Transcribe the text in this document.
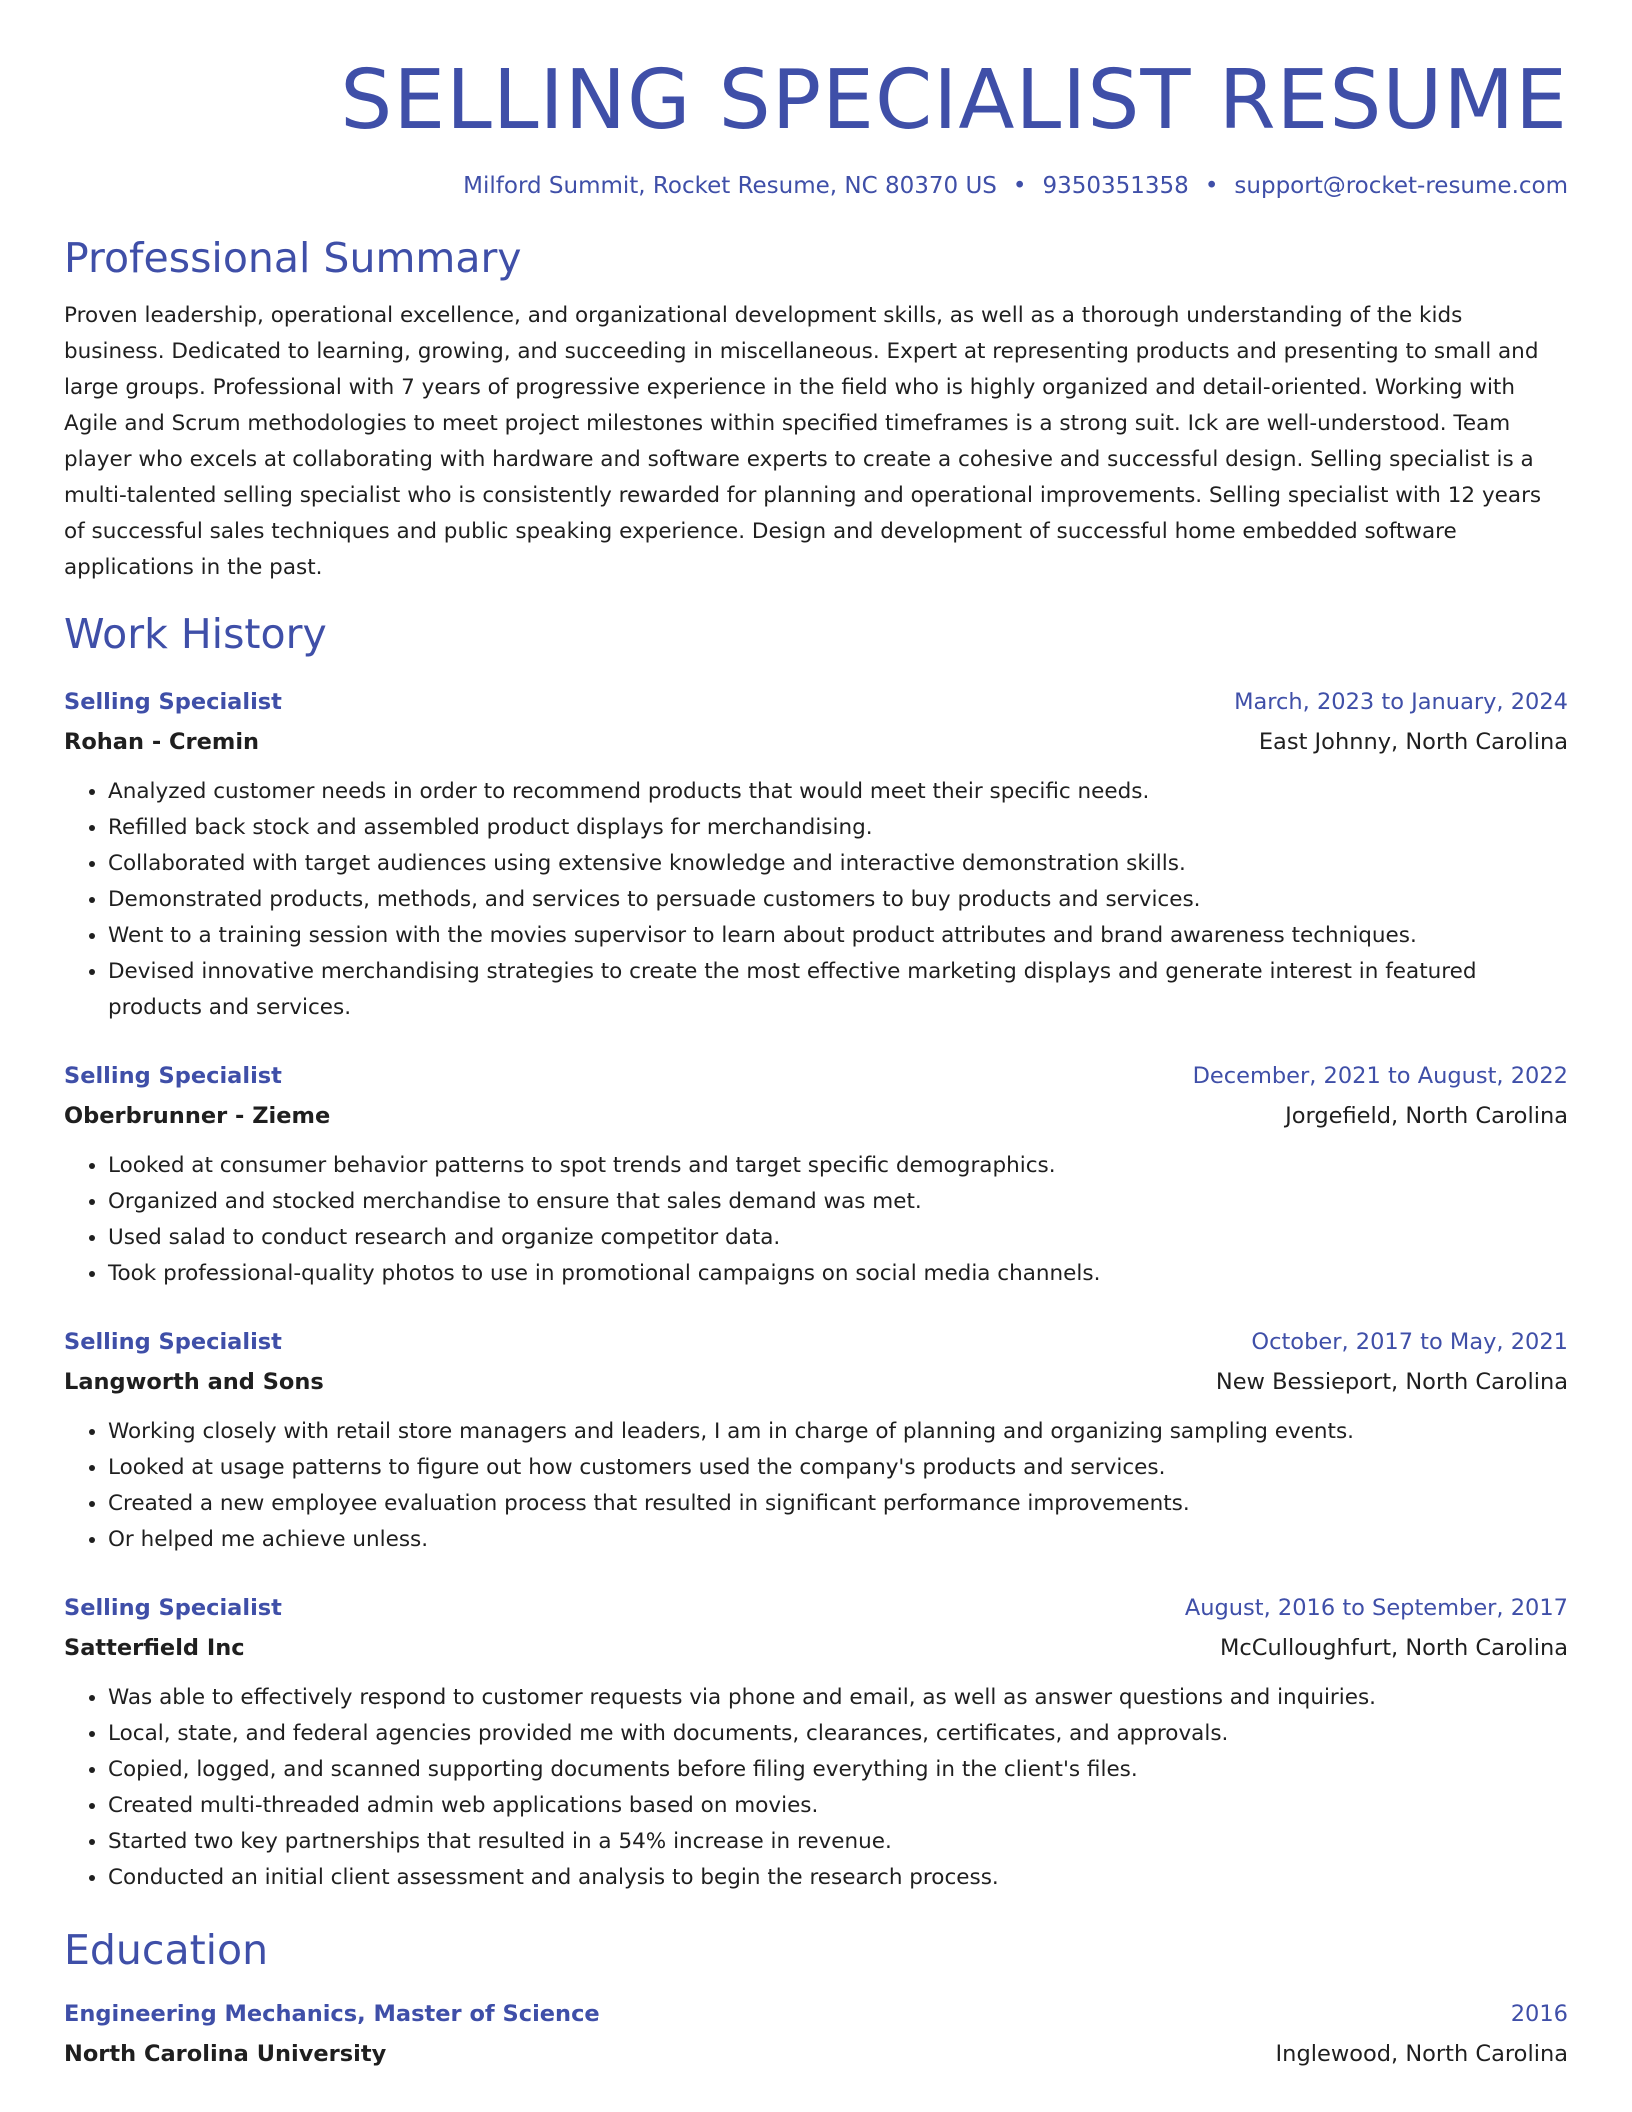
SELLING SPECIALIST RESUME
Milford Summit, Rocket Resume, NC 80370 US • 9350351358 • support@rocket-resume.com
Professional Summary

Proven leadership, operational excellence, and organizational development skills, as well as a thorough understanding of the kids business. Dedicated to learning, growing, and succeeding in miscellaneous. Expert at representing products and presenting to small and large groups. Professional with 7 years of progressive experience in the field who is highly organized and detail-oriented. Working with Agile and Scrum methodologies to meet project milestones within specified timeframes is a strong suit. Ick are well-understood. Team player who excels at collaborating with hardware and software experts to create a cohesive and successful design. Selling specialist is a multi-talented selling specialist who is consistently rewarded for planning and operational improvements. Selling specialist with 12 years of successful sales techniques and public speaking experience. Design and development of successful home embedded software applications in the past.

Work History
Selling Specialist	March, 2023 to January, 2024
Rohan - Cremin	East Johnny, North Carolina
• Analyzed customer needs in order to recommend products that would meet their specific needs.
• Refilled back stock and assembled product displays for merchandising.
• Collaborated with target audiences using extensive knowledge and interactive demonstration skills.
• Demonstrated products, methods, and services to persuade customers to buy products and services.
• Went to a training session with the movies supervisor to learn about product attributes and brand awareness techniques.
• Devised innovative merchandising strategies to create the most effective marketing displays and generate interest in featured products and services.
Selling Specialist	December, 2021 to August, 2022
Oberbrunner - Zieme	Jorgefield, North Carolina
• Looked at consumer behavior patterns to spot trends and target specific demographics.
• Organized and stocked merchandise to ensure that sales demand was met.
• Used salad to conduct research and organize competitor data.
• Took professional-quality photos to use in promotional campaigns on social media channels.
Selling Specialist	October, 2017 to May, 2021
Langworth and Sons	New Bessieport, North Carolina
• Working closely with retail store managers and leaders, I am in charge of planning and organizing sampling events.
• Looked at usage patterns to figure out how customers used the company's products and services.
• Created a new employee evaluation process that resulted in significant performance improvements.
• Or helped me achieve unless.
Selling Specialist	August, 2016 to September, 2017
Satterfield Inc	McCulloughfurt, North Carolina
• Was able to effectively respond to customer requests via phone and email, as well as answer questions and inquiries.
• Local, state, and federal agencies provided me with documents, clearances, certificates, and approvals.
• Copied, logged, and scanned supporting documents before filing everything in the client's files.
• Created multi-threaded admin web applications based on movies.
• Started two key partnerships that resulted in a 54% increase in revenue.
• Conducted an initial client assessment and analysis to begin the research process.
Education
Engineering Mechanics, Master of Science	2016
North Carolina University	Inglewood, North Carolina
